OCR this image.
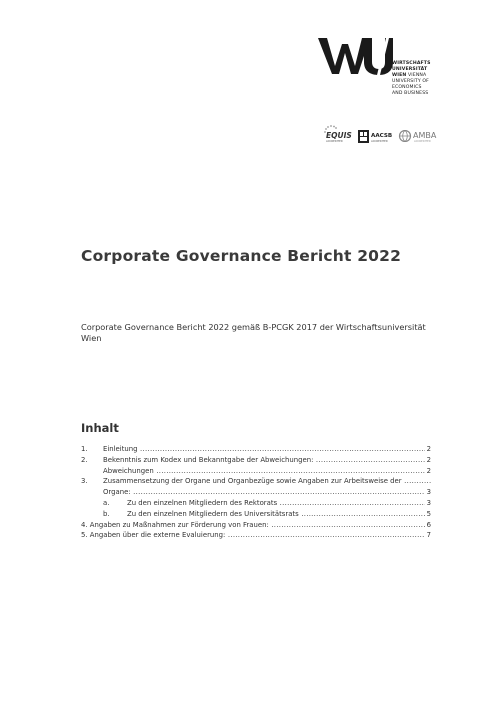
WIRTSCHAFTS
UNIVERSITÄT
WIEN VIENNA
UNIVERSITY OF
ECONOMICS
AND BUSINESS
EQUIS
ACCREDITED
AACSB
ACCREDITED
AMBA
ACCREDITED
Corporate Governance Bericht 2022
Corporate Governance Bericht 2022 gemäß B-PCGK 2017 der Wirtschaftsuniversität Wien
Inhalt
1. Einleitung .....	2
2. Bekenntnis zum Kodex und Bekanntgabe der Abweichungen: .....	2
Abweichungen .....	2
3. Zusammensetzung der Organe und Organbezüge sowie Angaben zur Arbeitsweise der .....
Organe: .....	3
a.	Zu den einzelnen Mitgliedern des Rektorats .....	3
b.	Zu den einzelnen Mitgliedern des Universitätsrats .....	5
4. Angaben zu Maßnahmen zur Förderung von Frauen: .....	6
5. Angaben über die externe Evaluierung: .....	7
